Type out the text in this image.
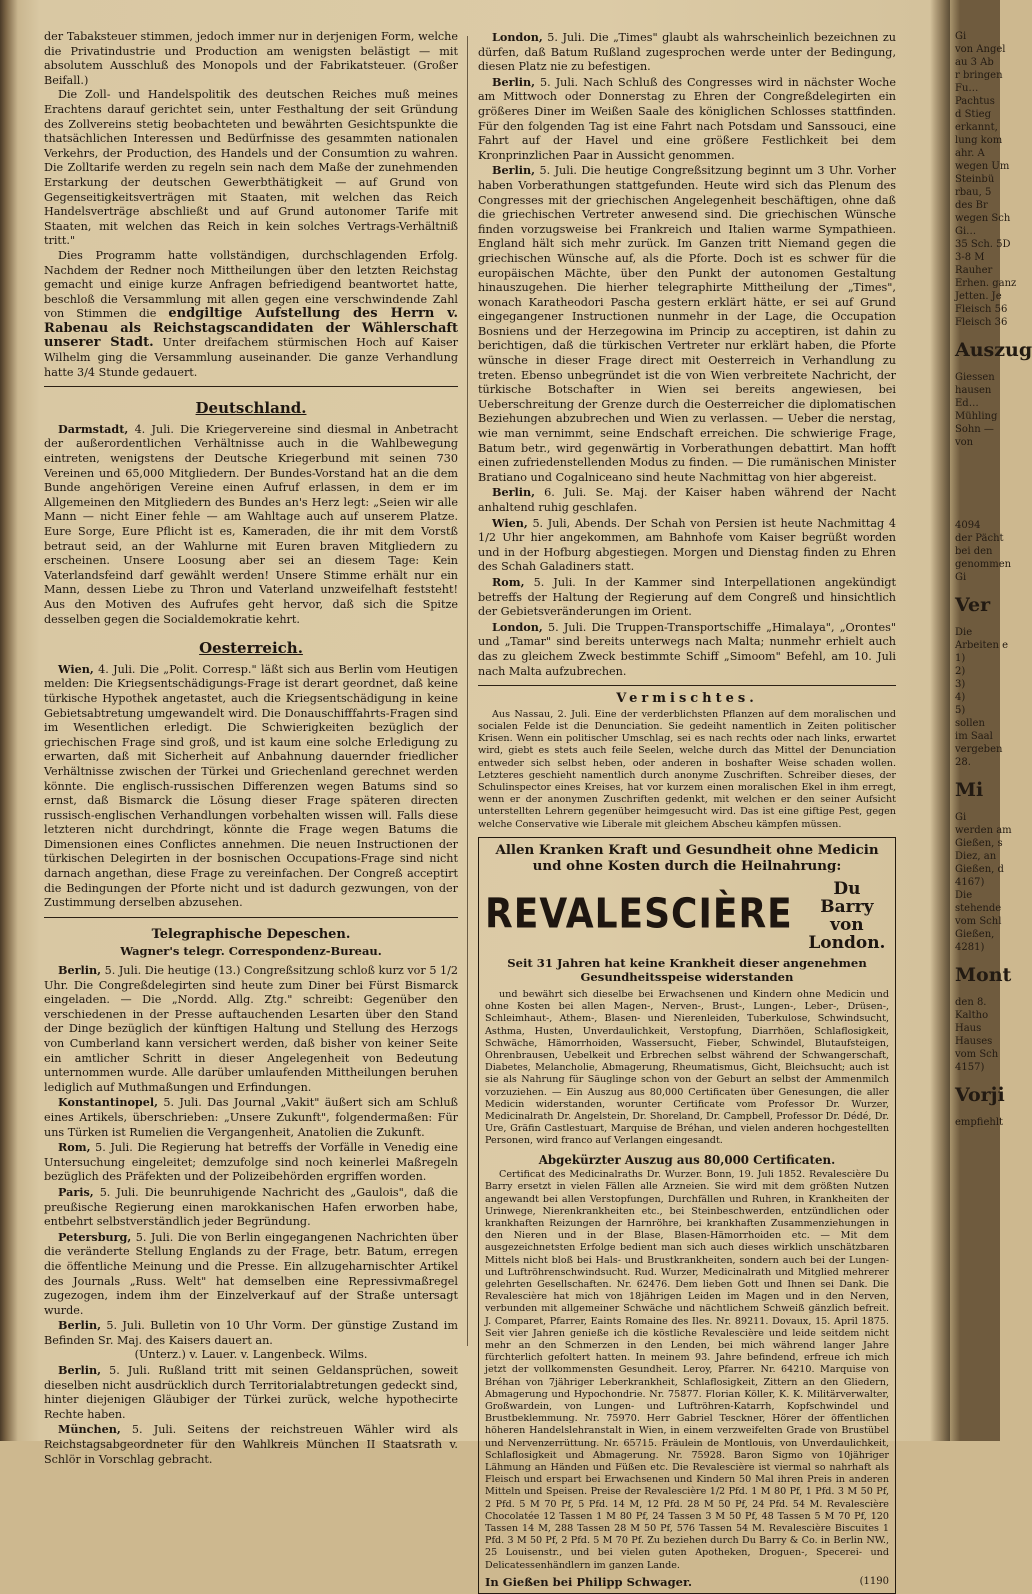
der Tabaksteuer stimmen, jedoch immer nur in derjenigen Form, welche die Privatindustrie und Production am wenigsten belästigt — mit absolutem Ausschluß des Monopols und der Fabrikatsteuer. (Großer Beifall.)

Die Zoll- und Handelspolitik des deutschen Reiches muß meines Erachtens darauf gerichtet sein, unter Festhaltung der seit Gründung des Zollvereins stetig beobachteten und bewährten Gesichtspunkte die thatsächlichen Interessen und Bedürfnisse des gesammten nationalen Verkehrs, der Production, des Handels und der Consumtion zu wahren. Die Zolltarife werden zu regeln sein nach dem Maße der zunehmenden Erstarkung der deutschen Gewerbthätigkeit — auf Grund von Gegenseitigkeitsverträgen mit Staaten, mit welchen das Reich Handelsverträge abschließt und auf Grund autonomer Tarife mit Staaten, mit welchen das Reich in kein solches Vertrags-Verhältniß tritt."

Dies Programm hatte vollständigen, durchschlagenden Erfolg. Nachdem der Redner noch Mittheilungen über den letzten Reichstag gemacht und einige kurze Anfragen befriedigend beantwortet hatte, beschloß die Versammlung mit allen gegen eine verschwindende Zahl von Stimmen die endgiltige Aufstellung des Herrn v. Rabenau als Reichstagscandidaten der Wählerschaft unserer Stadt. Unter dreifachem stürmischen Hoch auf Kaiser Wilhelm ging die Versammlung auseinander. Die ganze Verhandlung hatte 3/4 Stunde gedauert.

Deutschland.

Darmstadt, 4. Juli. Die Kriegervereine sind diesmal in Anbetracht der außerordentlichen Verhältnisse auch in die Wahlbewegung eintreten, wenigstens der Deutsche Kriegerbund mit seinen 730 Vereinen und 65,000 Mitgliedern. Der Bundes-Vorstand hat an die dem Bunde angehörigen Vereine einen Aufruf erlassen, in dem er im Allgemeinen den Mitgliedern des Bundes an's Herz legt: „Seien wir alle Mann — nicht Einer fehle — am Wahltage auch auf unserem Platze. Eure Sorge, Eure Pflicht ist es, Kameraden, die ihr mit dem Vorstß betraut seid, an der Wahlurne mit Euren braven Mitgliedern zu erscheinen. Unsere Loosung aber sei an diesem Tage: Kein Vaterlandsfeind darf gewählt werden! Unsere Stimme erhält nur ein Mann, dessen Liebe zu Thron und Vaterland unzweifelhaft feststeht! Aus den Motiven des Aufrufes geht hervor, daß sich die Spitze desselben gegen die Socialdemokratie kehrt.

Oesterreich.

Wien, 4. Juli. Die „Polit. Corresp." läßt sich aus Berlin vom Heutigen melden: Die Kriegsentschädigungs-Frage ist derart geordnet, daß keine türkische Hypothek angetastet, auch die Kriegsentschädigung in keine Gebietsabtretung umgewandelt wird. Die Donauschifffahrts-Fragen sind im Wesentlichen erledigt. Die Schwierigkeiten bezüglich der griechischen Frage sind groß, und ist kaum eine solche Erledigung zu erwarten, daß mit Sicherheit auf Anbahnung dauernder friedlicher Verhältnisse zwischen der Türkei und Griechenland gerechnet werden könnte. Die englisch-russischen Differenzen wegen Batums sind so ernst, daß Bismarck die Lösung dieser Frage späteren directen russisch-englischen Verhandlungen vorbehalten wissen will. Falls diese letzteren nicht durchdringt, könnte die Frage wegen Batums die Dimensionen eines Conflictes annehmen. Die neuen Instructionen der türkischen Delegirten in der bosnischen Occupations-Frage sind nicht darnach angethan, diese Frage zu vereinfachen. Der Congreß acceptirt die Bedingungen der Pforte nicht und ist dadurch gezwungen, von der Zustimmung derselben abzusehen.

Telegraphische Depeschen.
Wagner's telegr. Correspondenz-Bureau.

Berlin, 5. Juli. Die heutige (13.) Congreßsitzung schloß kurz vor 5 1/2 Uhr. Die Congreßdelegirten sind heute zum Diner bei Fürst Bismarck eingeladen. — Die „Nordd. Allg. Ztg." schreibt: Gegenüber den verschiedenen in der Presse auftauchenden Lesarten über den Stand der Dinge bezüglich der künftigen Haltung und Stellung des Herzogs von Cumberland kann versichert werden, daß bisher von keiner Seite ein amtlicher Schritt in dieser Angelegenheit von Bedeutung unternommen wurde. Alle darüber umlaufenden Mittheilungen beruhen lediglich auf Muthmaßungen und Erfindungen.

Konstantinopel, 5. Juli. Das Journal „Vakit" äußert sich am Schluß eines Artikels, überschrieben: „Unsere Zukunft", folgendermaßen: Für uns Türken ist Rumelien die Vergangenheit, Anatolien die Zukunft.

Rom, 5. Juli. Die Regierung hat betreffs der Vorfälle in Venedig eine Untersuchung eingeleitet; demzufolge sind noch keinerlei Maßregeln bezüglich des Präfekten und der Polizeibehörden ergriffen worden.

Paris, 5. Juli. Die beunruhigende Nachricht des „Gaulois", daß die preußische Regierung einen marokkanischen Hafen erworben habe, entbehrt selbstverständlich jeder Begründung.

Petersburg, 5. Juli. Die von Berlin eingegangenen Nachrichten über die veränderte Stellung Englands zu der Frage, betr. Batum, erregen die öffentliche Meinung und die Presse. Ein allzugeharnischter Artikel des Journals „Russ. Welt" hat demselben eine Repressivmaßregel zugezogen, indem ihm der Einzelverkauf auf der Straße untersagt wurde.

Berlin, 5. Juli. Bulletin von 10 Uhr Vorm. Der günstige Zustand im Befinden Sr. Maj. des Kaisers dauert an.

(Unterz.) v. Lauer. v. Langenbeck. Wilms.

Berlin, 5. Juli. Rußland tritt mit seinen Geldansprüchen, soweit dieselben nicht ausdrücklich durch Territorialabtretungen gedeckt sind, hinter diejenigen Gläubiger der Türkei zurück, welche hypothecirte Rechte haben.

München, 5. Juli. Seitens der reichstreuen Wähler wird als Reichstagsabgeordneter für den Wahlkreis München II Staatsrath v. Schlör in Vorschlag gebracht.

London, 5. Juli. Die „Times" glaubt als wahrscheinlich bezeichnen zu dürfen, daß Batum Rußland zugesprochen werde unter der Bedingung, diesen Platz nie zu befestigen.

Berlin, 5. Juli. Nach Schluß des Congresses wird in nächster Woche am Mittwoch oder Donnerstag zu Ehren der Congreßdelegirten ein größeres Diner im Weißen Saale des königlichen Schlosses stattfinden. Für den folgenden Tag ist eine Fahrt nach Potsdam und Sanssouci, eine Fahrt auf der Havel und eine größere Festlichkeit bei dem Kronprinzlichen Paar in Aussicht genommen.

Berlin, 5. Juli. Die heutige Congreßsitzung beginnt um 3 Uhr. Vorher haben Vorberathungen stattgefunden. Heute wird sich das Plenum des Congresses mit der griechischen Angelegenheit beschäftigen, ohne daß die griechischen Vertreter anwesend sind. Die griechischen Wünsche finden vorzugsweise bei Frankreich und Italien warme Sympathieen. England hält sich mehr zurück. Im Ganzen tritt Niemand gegen die griechischen Wünsche auf, als die Pforte. Doch ist es schwer für die europäischen Mächte, über den Punkt der autonomen Gestaltung hinauszugehen. Die hierher telegraphirte Mittheilung der „Times", wonach Karatheodori Pascha gestern erklärt hätte, er sei auf Grund eingegangener Instructionen nunmehr in der Lage, die Occupation Bosniens und der Herzegowina im Princip zu acceptiren, ist dahin zu berichtigen, daß die türkischen Vertreter nur erklärt haben, die Pforte wünsche in dieser Frage direct mit Oesterreich in Verhandlung zu treten. Ebenso unbegründet ist die von Wien verbreitete Nachricht, der türkische Botschafter in Wien sei bereits angewiesen, bei Ueberschreitung der Grenze durch die Oesterreicher die diplomatischen Beziehungen abzubrechen und Wien zu verlassen. — Ueber die nerstag, wie man vernimmt, seine Endschaft erreichen. Die schwierige Frage, Batum betr., wird gegenwärtig in Vorberathungen debattirt. Man hofft einen zufriedenstellenden Modus zu finden. — Die rumänischen Minister Bratiano und Cogalniceano sind heute Nachmittag von hier abgereist.

Berlin, 6. Juli. Se. Maj. der Kaiser haben während der Nacht anhaltend ruhig geschlafen.

Wien, 5. Juli, Abends. Der Schah von Persien ist heute Nachmittag 4 1/2 Uhr hier angekommen, am Bahnhofe vom Kaiser begrüßt worden und in der Hofburg abgestiegen. Morgen und Dienstag finden zu Ehren des Schah Galadiners statt.

Rom, 5. Juli. In der Kammer sind Interpellationen angekündigt betreffs der Haltung der Regierung auf dem Congreß und hinsichtlich der Gebietsveränderungen im Orient.

London, 5. Juli. Die Truppen-Transportschiffe „Himalaya", „Orontes" und „Tamar" sind bereits unterwegs nach Malta; nunmehr erhielt auch das zu gleichem Zweck bestimmte Schiff „Simoom" Befehl, am 10. Juli nach Malta aufzubrechen.

Vermischtes.

Aus Nassau, 2. Juli. Eine der verderblichsten Pflanzen auf dem moralischen und socialen Felde ist die Denunciation. Sie gedeiht namentlich in Zeiten politischer Krisen. Wenn ein politischer Umschlag, sei es nach rechts oder nach links, erwartet wird, giebt es stets auch feile Seelen, welche durch das Mittel der Denunciation entweder sich selbst heben, oder anderen in boshafter Weise schaden wollen. Letzteres geschieht namentlich durch anonyme Zuschriften. Schreiber dieses, der Schulinspector eines Kreises, hat vor kurzem einen moralischen Ekel in ihm erregt, wenn er der anonymen Zuschriften gedenkt, mit welchen er den seiner Aufsicht unterstellten Lehrern gegenüber heimgesucht wird. Das ist eine giftige Pest, gegen welche Conservative wie Liberale mit gleichem Abscheu kämpfen müssen.

Allen Kranken Kraft und Gesundheit ohne Medicin und ohne Kosten durch die Heilnahrung:
REVALESCIÈRE
Du Barry
von London.
Seit 31 Jahren hat keine Krankheit dieser angenehmen Gesundheitsspeise widerstanden

und bewährt sich dieselbe bei Erwachsenen und Kindern ohne Medicin und ohne Kosten bei allen Magen-, Nerven-, Brust-, Lungen-, Leber-, Drüsen-, Schleimhaut-, Athem-, Blasen- und Nierenleiden, Tuberkulose, Schwindsucht, Asthma, Husten, Unverdaulichkeit, Verstopfung, Diarrhöen, Schlaflosigkeit, Schwäche, Hämorrhoiden, Wassersucht, Fieber, Schwindel, Blutaufsteigen, Ohrenbrausen, Uebelkeit und Erbrechen selbst während der Schwangerschaft, Diabetes, Melancholie, Abmagerung, Rheumatismus, Gicht, Bleichsucht; auch ist sie als Nahrung für Säuglinge schon von der Geburt an selbst der Ammenmilch vorzuziehen. — Ein Auszug aus 80,000 Certificaten über Genesungen, die aller Medicin widerstanden, worunter Certificate vom Professor Dr. Wurzer, Medicinalrath Dr. Angelstein, Dr. Shoreland, Dr. Campbell, Professor Dr. Dédé, Dr. Ure, Gräfin Castlestuart, Marquise de Bréhan, und vielen anderen hochgestellten Personen, wird franco auf Verlangen eingesandt.

Abgekürzter Auszug aus 80,000 Certificaten.

Certificat des Medicinalraths Dr. Wurzer. Bonn, 19. Juli 1852. Revalescière Du Barry ersetzt in vielen Fällen alle Arzneien. Sie wird mit dem größten Nutzen angewandt bei allen Verstopfungen, Durchfällen und Ruhren, in Krankheiten der Urinwege, Nierenkrankheiten etc., bei Steinbeschwerden, entzündlichen oder krankhaften Reizungen der Harnröhre, bei krankhaften Zusammenziehungen in den Nieren und in der Blase, Blasen-Hämorrhoiden etc. — Mit dem ausgezeichnetsten Erfolge bedient man sich auch dieses wirklich unschätzbaren Mittels nicht bloß bei Hals- und Brustkrankheiten, sondern auch bei der Lungen- und Luftröhrenschwindsucht. Rud. Wurzer, Medicinalrath und Mitglied mehrerer gelehrten Gesellschaften. Nr. 62476. Dem lieben Gott und Ihnen sei Dank. Die Revalescière hat mich von 18jährigen Leiden im Magen und in den Nerven, verbunden mit allgemeiner Schwäche und nächtlichem Schweiß gänzlich befreit. J. Comparet, Pfarrer, Eaints Romaine des Iles. Nr. 89211. Dovaux, 15. April 1875. Seit vier Jahren genieße ich die köstliche Revalescière und leide seitdem nicht mehr an den Schmerzen in den Lenden, bei mich während langer Jahre fürchterlich gefoltert hatten. In meinem 93. Jahre befindend, erfreue ich mich jetzt der vollkommensten Gesundheit. Leroy, Pfarrer. Nr. 64210. Marquise von Bréhan von 7jähriger Leberkrankheit, Schlaflosigkeit, Zittern an den Gliedern, Abmagerung und Hypochondrie. Nr. 75877. Florian Köller, K. K. Militärverwalter, Großwardein, von Lungen- und Luftröhren-Katarrh, Kopfschwindel und Brustbeklemmung. Nr. 75970. Herr Gabriel Tesckner, Hörer der öffentlichen höheren Handelslehranstalt in Wien, in einem verzweifelten Grade von Brustübel und Nervenzerrüttung. Nr. 65715. Fräulein de Montlouis, von Unverdaulichkeit, Schlaflosigkeit und Abmagerung. Nr. 75928. Baron Sigmo von 10jähriger Lähmung an Händen und Füßen etc. Die Revalescière ist viermal so nahrhaft als Fleisch und erspart bei Erwachsenen und Kindern 50 Mal ihren Preis in anderen Mitteln und Speisen. Preise der Revalescière 1/2 Pfd. 1 M 80 Pf, 1 Pfd. 3 M 50 Pf, 2 Pfd. 5 M 70 Pf, 5 Pfd. 14 M, 12 Pfd. 28 M 50 Pf, 24 Pfd. 54 M. Revalescière Chocolatée 12 Tassen 1 M 80 Pf, 24 Tassen 3 M 50 Pf, 48 Tassen 5 M 70 Pf, 120 Tassen 14 M, 288 Tassen 28 M 50 Pf, 576 Tassen 54 M. Revalescière Biscuites 1 Pfd. 3 M 50 Pf, 2 Pfd. 5 M 70 Pf. Zu beziehen durch Du Barry & Co. in Berlin NW., 25 Louisenstr., und bei vielen guten Apotheken, Droguen-, Specerei- und Delicatessenhändlern im ganzen Lande.

In Gießen bei Philipp Schwager.	(1190
Gi
von Angel
au 3 Ab
r bringen
Fu…
Pachtus
d Stieg
erkannt,
lung kom
ahr. A
wegen Um
Steinbü
rbau, 5
des Br
wegen Sch
Gi…
35 Sch. 5D
3-8 M
Rauher
Erhen. ganz
Jetten. Je
Fleisch 56
Fleisch 36
Auszug
Giessen
hausen
Ed…
Mühling
Sohn —
von
4094
der Pächt
bei den
genommen
Gi
Ver
Die
Arbeiten e
1)
2)
3)
4)
5)
sollen
im Saal
vergeben
28.
Mi
Gi
werden am
Gießen, s
Diez, an
Gießen, d
4167)
Die
stehende
vom Schl
Gießen,
4281)
Mont
den 8.
Kaltho
Haus
Hauses
vom Sch
4157)
Vorji
empfiehlt
